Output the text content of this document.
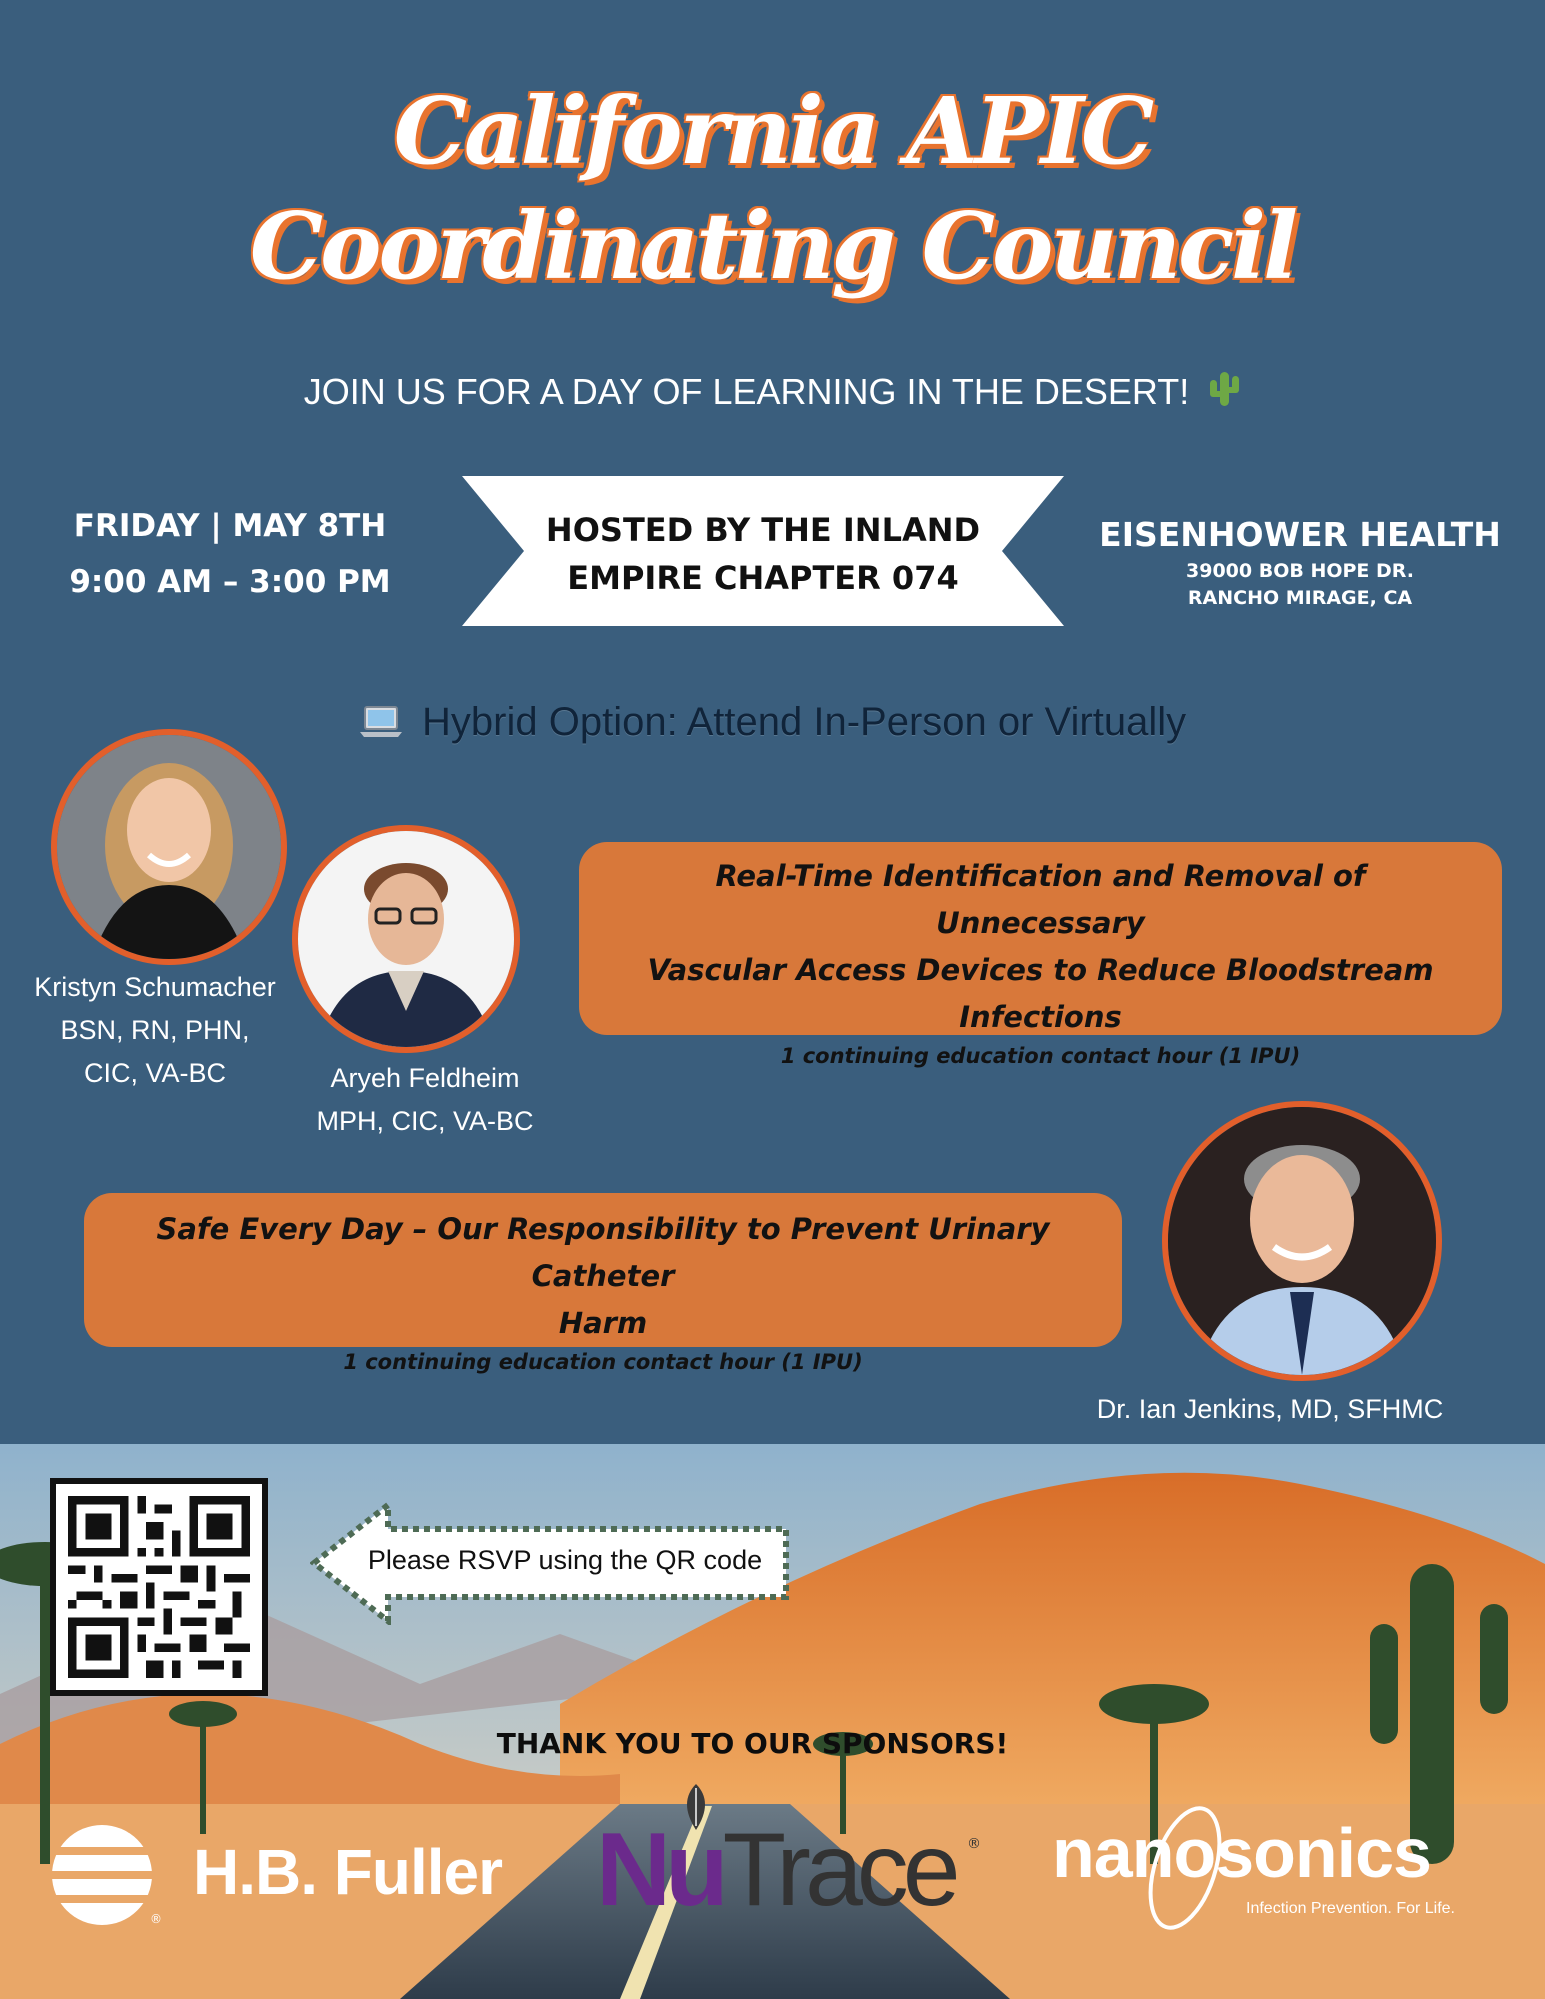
California APIC
Coordinating Council
JOIN US FOR A DAY OF LEARNING IN THE DESERT!
FRIDAY | MAY 8TH
9:00 AM – 3:00 PM
HOSTED BY THE INLAND
EMPIRE CHAPTER 074
EISENHOWER HEALTH
39000 BOB HOPE DR.
RANCHO MIRAGE, CA
Hybrid Option: Attend In-Person or Virtually
Kristyn Schumacher
BSN, RN, PHN,
CIC, VA-BC	Aryeh Feldheim
MPH, CIC, VA-BC
Dr. Ian Jenkins, MD, SFHMC
Real-Time Identification and Removal of Unnecessary
Vascular Access Devices to Reduce Bloodstream
Infections
1 continuing education contact hour (1 IPU)
Safe Every Day – Our Responsibility to Prevent Urinary Catheter
Harm
1 continuing education contact hour (1 IPU)
Please RSVP using the QR code
THANK YOU TO OUR SPONSORS!
H.B. Fuller
®	NuTrace ® nanosonics
Infection Prevention. For Life.
